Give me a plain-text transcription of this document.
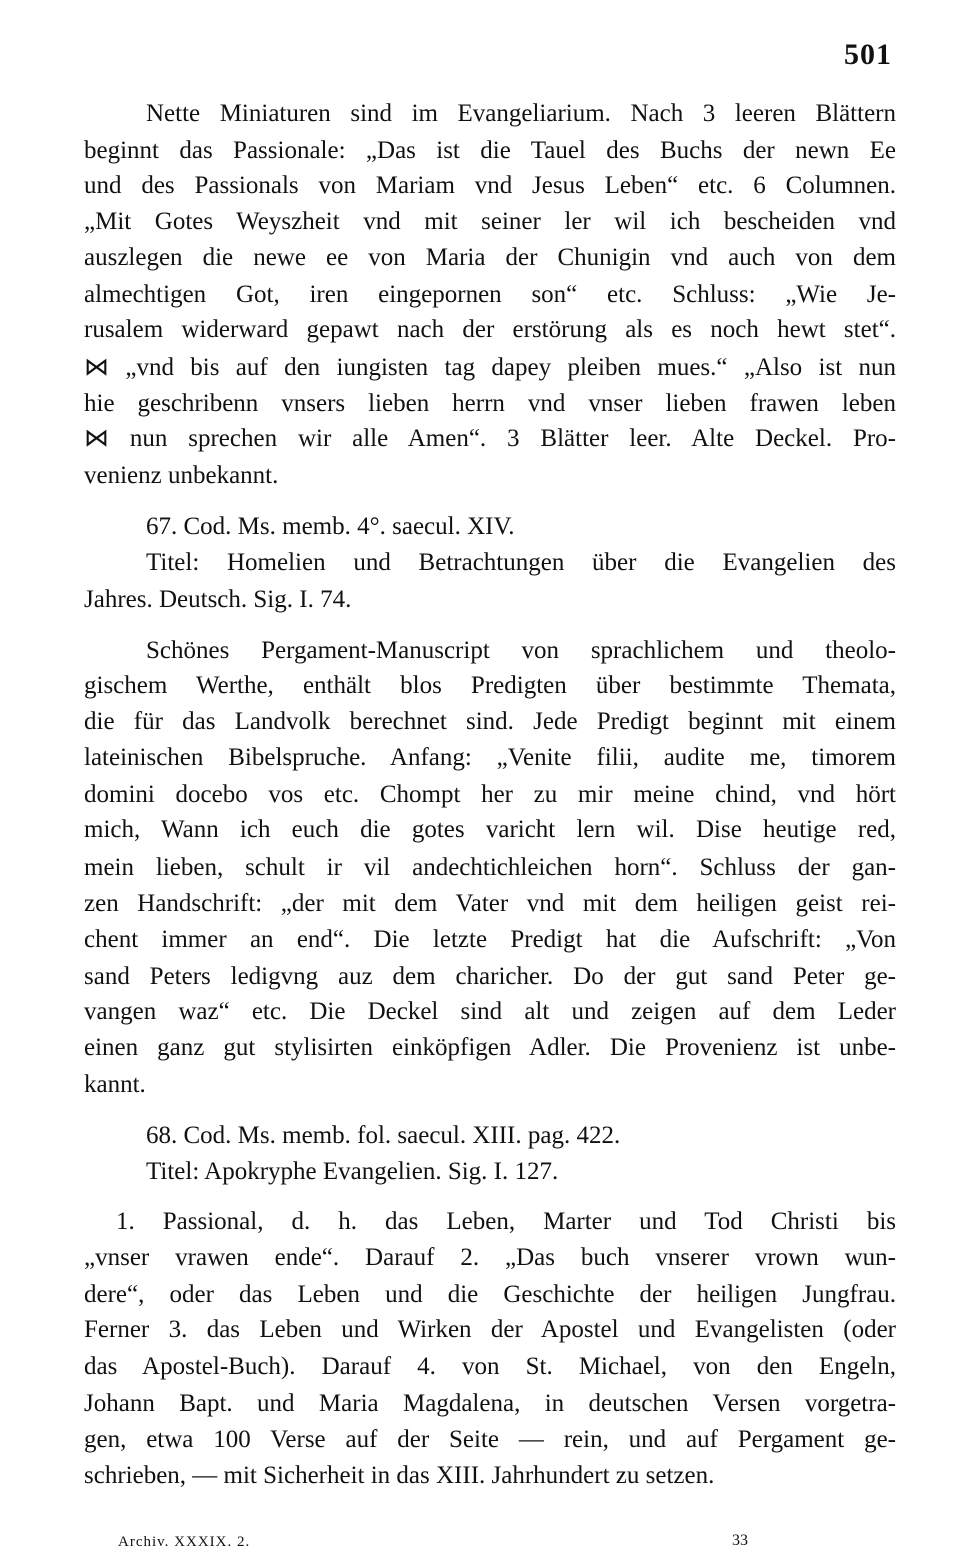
501
Nette Miniaturen sind im Evangeliarium. Nach 3 leeren Blättern
beginnt das Passionale: „Das ist die Tauel des Buchs der newn Ee
und des Passionals von Mariam vnd Jesus Leben“ etc. 6 Columnen.
„Mit Gotes Weyszheit vnd mit seiner ler wil ich bescheiden vnd
auszlegen die newe ee von Maria der Chunigin vnd auch von dem
almechtigen Got, iren eingepornen son“ etc. Schluss: „Wie Je-
rusalem widerward gepawt nach der erstörung als es noch hewt stet“.
⋈ „vnd bis auf den iungisten tag dapey pleiben mues.“ „Also ist nun
hie geschribenn vnsers lieben herrn vnd vnser lieben frawen leben
⋈ nun sprechen wir alle Amen“. 3 Blätter leer. Alte Deckel. Pro-
venienz unbekannt.
67. Cod. Ms. memb. 4°. saecul. XIV.
Titel: Homelien und Betrachtungen über die Evangelien des
Jahres. Deutsch. Sig. I. 74.
Schönes Pergament-Manuscript von sprachlichem und theolo-
gischem Werthe, enthält blos Predigten über bestimmte Themata,
die für das Landvolk berechnet sind. Jede Predigt beginnt mit einem
lateinischen Bibelspruche. Anfang: „Venite filii, audite me, timorem
domini docebo vos etc. Chompt her zu mir meine chind, vnd hört
mich, Wann ich euch die gotes varicht lern wil. Dise heutige red,
mein lieben, schult ir vil andechtichleichen horn“. Schluss der gan-
zen Handschrift: „der mit dem Vater vnd mit dem heiligen geist rei-
chent immer an end“. Die letzte Predigt hat die Aufschrift: „Von
sand Peters ledigvng auz dem charicher. Do der gut sand Peter ge-
vangen waz“ etc. Die Deckel sind alt und zeigen auf dem Leder
einen ganz gut stylisirten einköpfigen Adler. Die Provenienz ist unbe-
kannt.
68. Cod. Ms. memb. fol. saecul. XIII. pag. 422.
Titel: Apokryphe Evangelien. Sig. I. 127.
1. Passional, d. h. das Leben, Marter und Tod Christi bis
„vnser vrawen ende“. Darauf 2. „Das buch vnserer vrown wun-
dere“, oder das Leben und die Geschichte der heiligen Jungfrau.
Ferner 3. das Leben und Wirken der Apostel und Evangelisten (oder
das Apostel-Buch). Darauf 4. von St. Michael, von den Engeln,
Johann Bapt. und Maria Magdalena, in deutschen Versen vorgetra-
gen, etwa 100 Verse auf der Seite — rein, und auf Pergament ge-
schrieben, — mit Sicherheit in das XIII. Jahrhundert zu setzen.
Archiv. XXXIX. 2.	33
